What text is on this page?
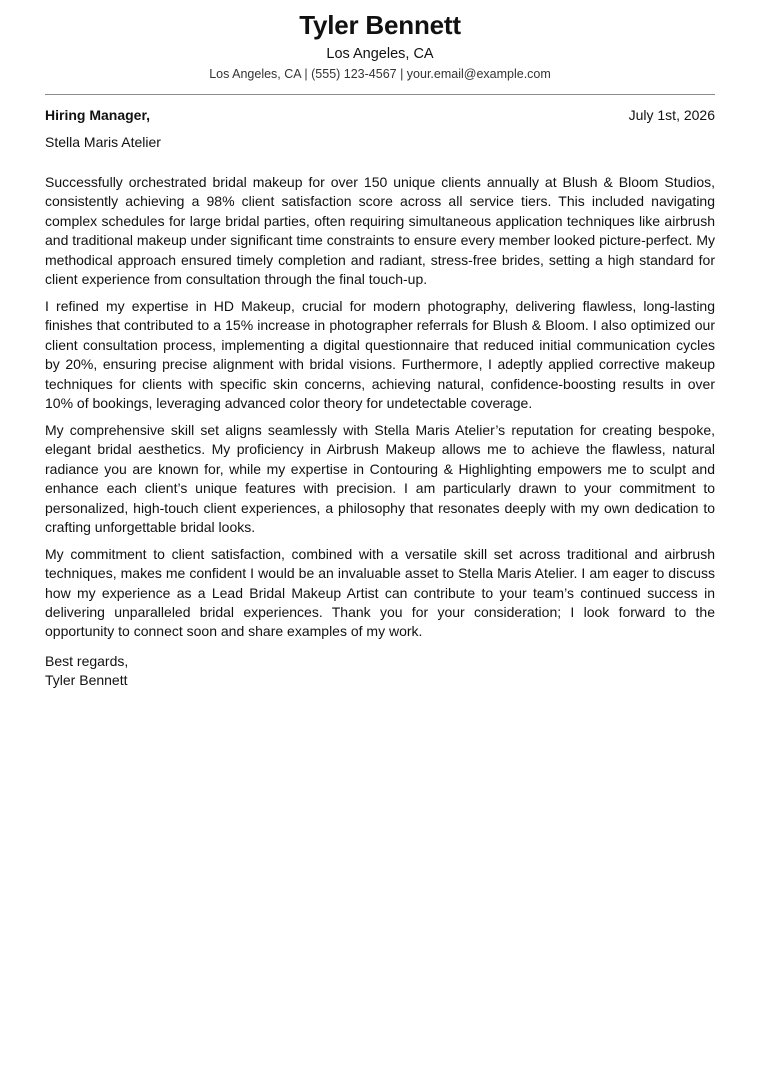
Tyler Bennett
Los Angeles, CA
Los Angeles, CA | (555) 123-4567 | your.email@example.com
Hiring Manager,	July 1st, 2026
Stella Maris Atelier

Successfully orchestrated bridal makeup for over 150 unique clients annually at Blush & Bloom Studios, consistently achieving a 98% client satisfaction score across all service tiers. This included navigating complex schedules for large bridal parties, often requiring simultaneous application techniques like airbrush and traditional makeup under significant time constraints to ensure every member looked picture-perfect. My methodical approach ensured timely completion and radiant, stress-free brides, setting a high standard for client experience from consultation through the final touch-up.

I refined my expertise in HD Makeup, crucial for modern photography, delivering flawless, long-lasting finishes that contributed to a 15% increase in photographer referrals for Blush & Bloom. I also optimized our client consultation process, implementing a digital questionnaire that reduced initial communication cycles by 20%, ensuring precise alignment with bridal visions. Furthermore, I adeptly applied corrective makeup techniques for clients with specific skin concerns, achieving natural, confidence-boosting results in over 10% of bookings, leveraging advanced color theory for undetectable coverage.

My comprehensive skill set aligns seamlessly with Stella Maris Atelier’s reputation for creating bespoke, elegant bridal aesthetics. My proficiency in Airbrush Makeup allows me to achieve the flawless, natural radiance you are known for, while my expertise in Contouring & Highlighting empowers me to sculpt and enhance each client’s unique features with precision. I am particularly drawn to your commitment to personalized, high-touch client experiences, a philosophy that resonates deeply with my own dedication to crafting unforgettable bridal looks.

My commitment to client satisfaction, combined with a versatile skill set across traditional and airbrush techniques, makes me confident I would be an invaluable asset to Stella Maris Atelier. I am eager to discuss how my experience as a Lead Bridal Makeup Artist can contribute to your team’s continued success in delivering unparalleled bridal experiences. Thank you for your consideration; I look forward to the opportunity to connect soon and share examples of my work.

Best regards,
Tyler Bennett
